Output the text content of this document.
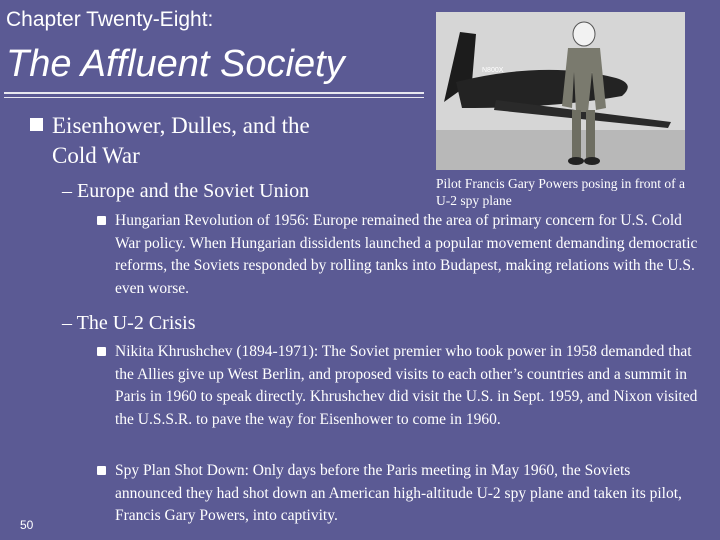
Chapter Twenty-Eight:
The Affluent Society	N800X
Pilot Francis Gary Powers posing in front of a U-2 spy plane
Eisenhower, Dulles, and the Cold War
– Europe and the Soviet Union
Hungarian Revolution of 1956: Europe remained the area of primary concern for U.S. Cold War policy. When Hungarian dissidents launched a popular movement demanding democratic reforms, the Soviets responded by rolling tanks into Budapest, making relations with the U.S. even worse.
– The U-2 Crisis
Nikita Khrushchev (1894-1971): The Soviet premier who took power in 1958 demanded that the Allies give up West Berlin, and proposed visits to each other’s countries and a summit in Paris in 1960 to speak directly. Khrushchev did visit the U.S. in Sept. 1959, and Nixon visited the U.S.S.R. to pave the way for Eisenhower to come in 1960.
Spy Plan Shot Down: Only days before the Paris meeting in May 1960, the Soviets announced they had shot down an American high-altitude U-2 spy plane and taken its pilot, Francis Gary Powers, into captivity.
50
